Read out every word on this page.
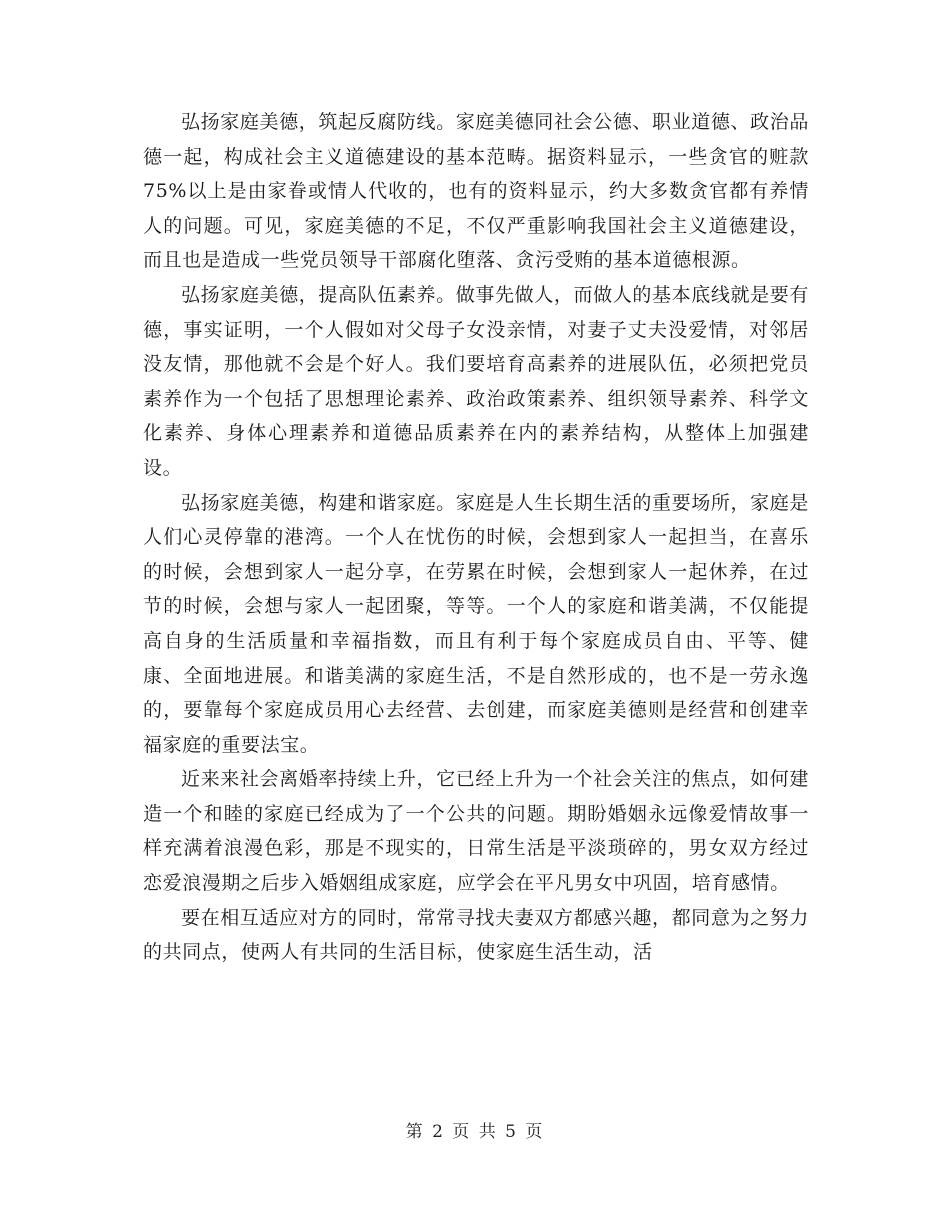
弘扬家庭美德，筑起反腐防线。家庭美德同社会公德、职业道德、政治品德一起，构成社会主义道德建设的基本范畴。据资料显示，一些贪官的赃款75%以上是由家眷或情人代收的，也有的资料显示，约大多数贪官都有养情人的问题。可见，家庭美德的不足，不仅严重影响我国社会主义道德建设，而且也是造成一些党员领导干部腐化堕落、贪污受贿的基本道德根源。

弘扬家庭美德，提高队伍素养。做事先做人，而做人的基本底线就是要有德，事实证明，一个人假如对父母子女没亲情，对妻子丈夫没爱情，对邻居没友情，那他就不会是个好人。我们要培育高素养的进展队伍，必须把党员素养作为一个包括了思想理论素养、政治政策素养、组织领导素养、科学文化素养、身体心理素养和道德品质素养在内的素养结构，从整体上加强建设。

弘扬家庭美德，构建和谐家庭。家庭是人生长期生活的重要场所，家庭是人们心灵停靠的港湾。一个人在忧伤的时候，会想到家人一起担当，在喜乐的时候，会想到家人一起分享，在劳累在时候，会想到家人一起休养，在过节的时候，会想与家人一起团聚，等等。一个人的家庭和谐美满，不仅能提高自身的生活质量和幸福指数，而且有利于每个家庭成员自由、平等、健康、全面地进展。和谐美满的家庭生活，不是自然形成的，也不是一劳永逸的，要靠每个家庭成员用心去经营、去创建，而家庭美德则是经营和创建幸福家庭的重要法宝。

近来来社会离婚率持续上升，它已经上升为一个社会关注的焦点，如何建造一个和睦的家庭已经成为了一个公共的问题。期盼婚姻永远像爱情故事一样充满着浪漫色彩，那是不现实的，日常生活是平淡琐碎的，男女双方经过恋爱浪漫期之后步入婚姻组成家庭，应学会在平凡男女中巩固，培育感情。

要在相互适应对方的同时，常常寻找夫妻双方都感兴趣，都同意为之努力的共同点，使两人有共同的生活目标，使家庭生活生动，活

第 2 页 共 5 页
